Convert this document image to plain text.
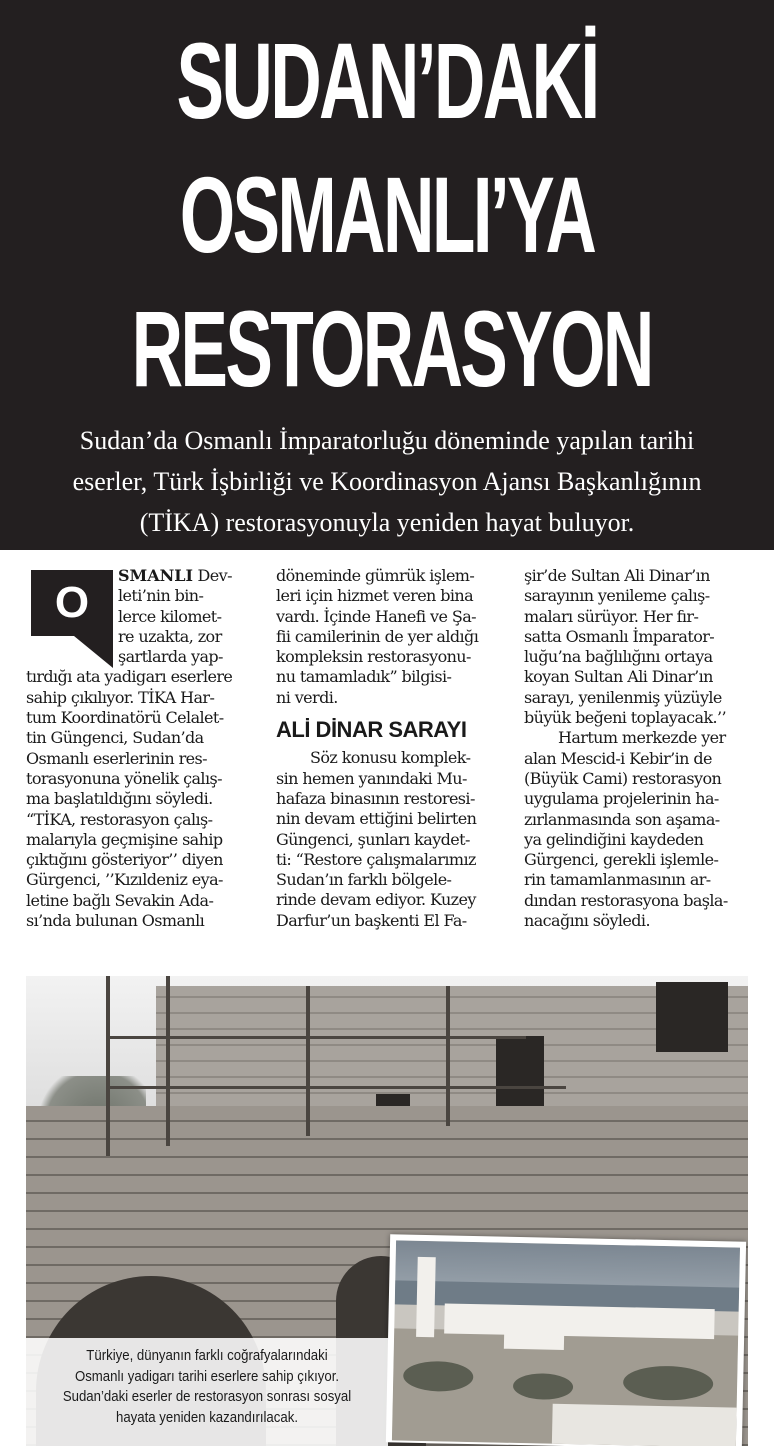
SUDAN’DAKİ
OSMANLI’YA
RESTORASYON

Sudan’da Osmanlı İmparatorluğu döneminde yapılan tarihi
eserler, Türk İşbirliği ve Koordinasyon Ajansı Başkanlığının
(TİKA) restorasyonuyla yeniden hayat buluyor.

O

SMANLI Dev-
leti’nin bin-
lerce kilomet-
re uzakta, zor
şartlarda yap-
tırdığı ata yadigarı eserlere
sahip çıkılıyor. TİKA Har-
tum Koordinatörü Celalet-
tin Güngenci, Sudan’da
Osmanlı eserlerinin res-
torasyonuna yönelik çalış-
ma başlatıldığını söyledi.
“TİKA, restorasyon çalış-
malarıyla geçmişine sahip
çıktığını gösteriyor’’ diyen
Gürgenci, ’’Kızıldeniz eya-
letine bağlı Sevakin Ada-
sı’nda bulunan Osmanlı

döneminde gümrük işlem-
leri için hizmet veren bina
vardı. İçinde Hanefi ve Şa-
fii camilerinin de yer aldığı
kompleksin restorasyonu-
nu tamamladık” bilgisi-
ni verdi.

ALİ DİNAR SARAYI

Söz konusu komplek-
sin hemen yanındaki Mu-
hafaza binasının restoresi-
nin devam ettiğini belirten
Güngenci, şunları kaydet-
ti: “Restore çalışmalarımız
Sudan’ın farklı bölgele-
rinde devam ediyor. Kuzey
Darfur’un başkenti El Fa-

şir’de Sultan Ali Dinar’ın
sarayının yenileme çalış-
maları sürüyor. Her fır-
satta Osmanlı İmparator-
luğu’na bağlılığını ortaya
koyan Sultan Ali Dinar’ın
sarayı, yenilenmiş yüzüyle
büyük beğeni toplayacak.’’
Hartum merkezde yer
alan Mescid-i Kebir’in de
(Büyük Cami) restorasyon
uygulama projelerinin ha-
zırlanmasında son aşama-
ya gelindiğini kaydeden
Gürgenci, gerekli işlemle-
rin tamamlanmasının ar-
dından restorasyona başla-
nacağını söyledi.

Türkiye, dünyanın farklı coğrafyalarındaki
Osmanlı yadigarı tarihi eserlere sahip çıkıyor.
Sudan’daki eserler de restorasyon sonrası sosyal
hayata yeniden kazandırılacak.
